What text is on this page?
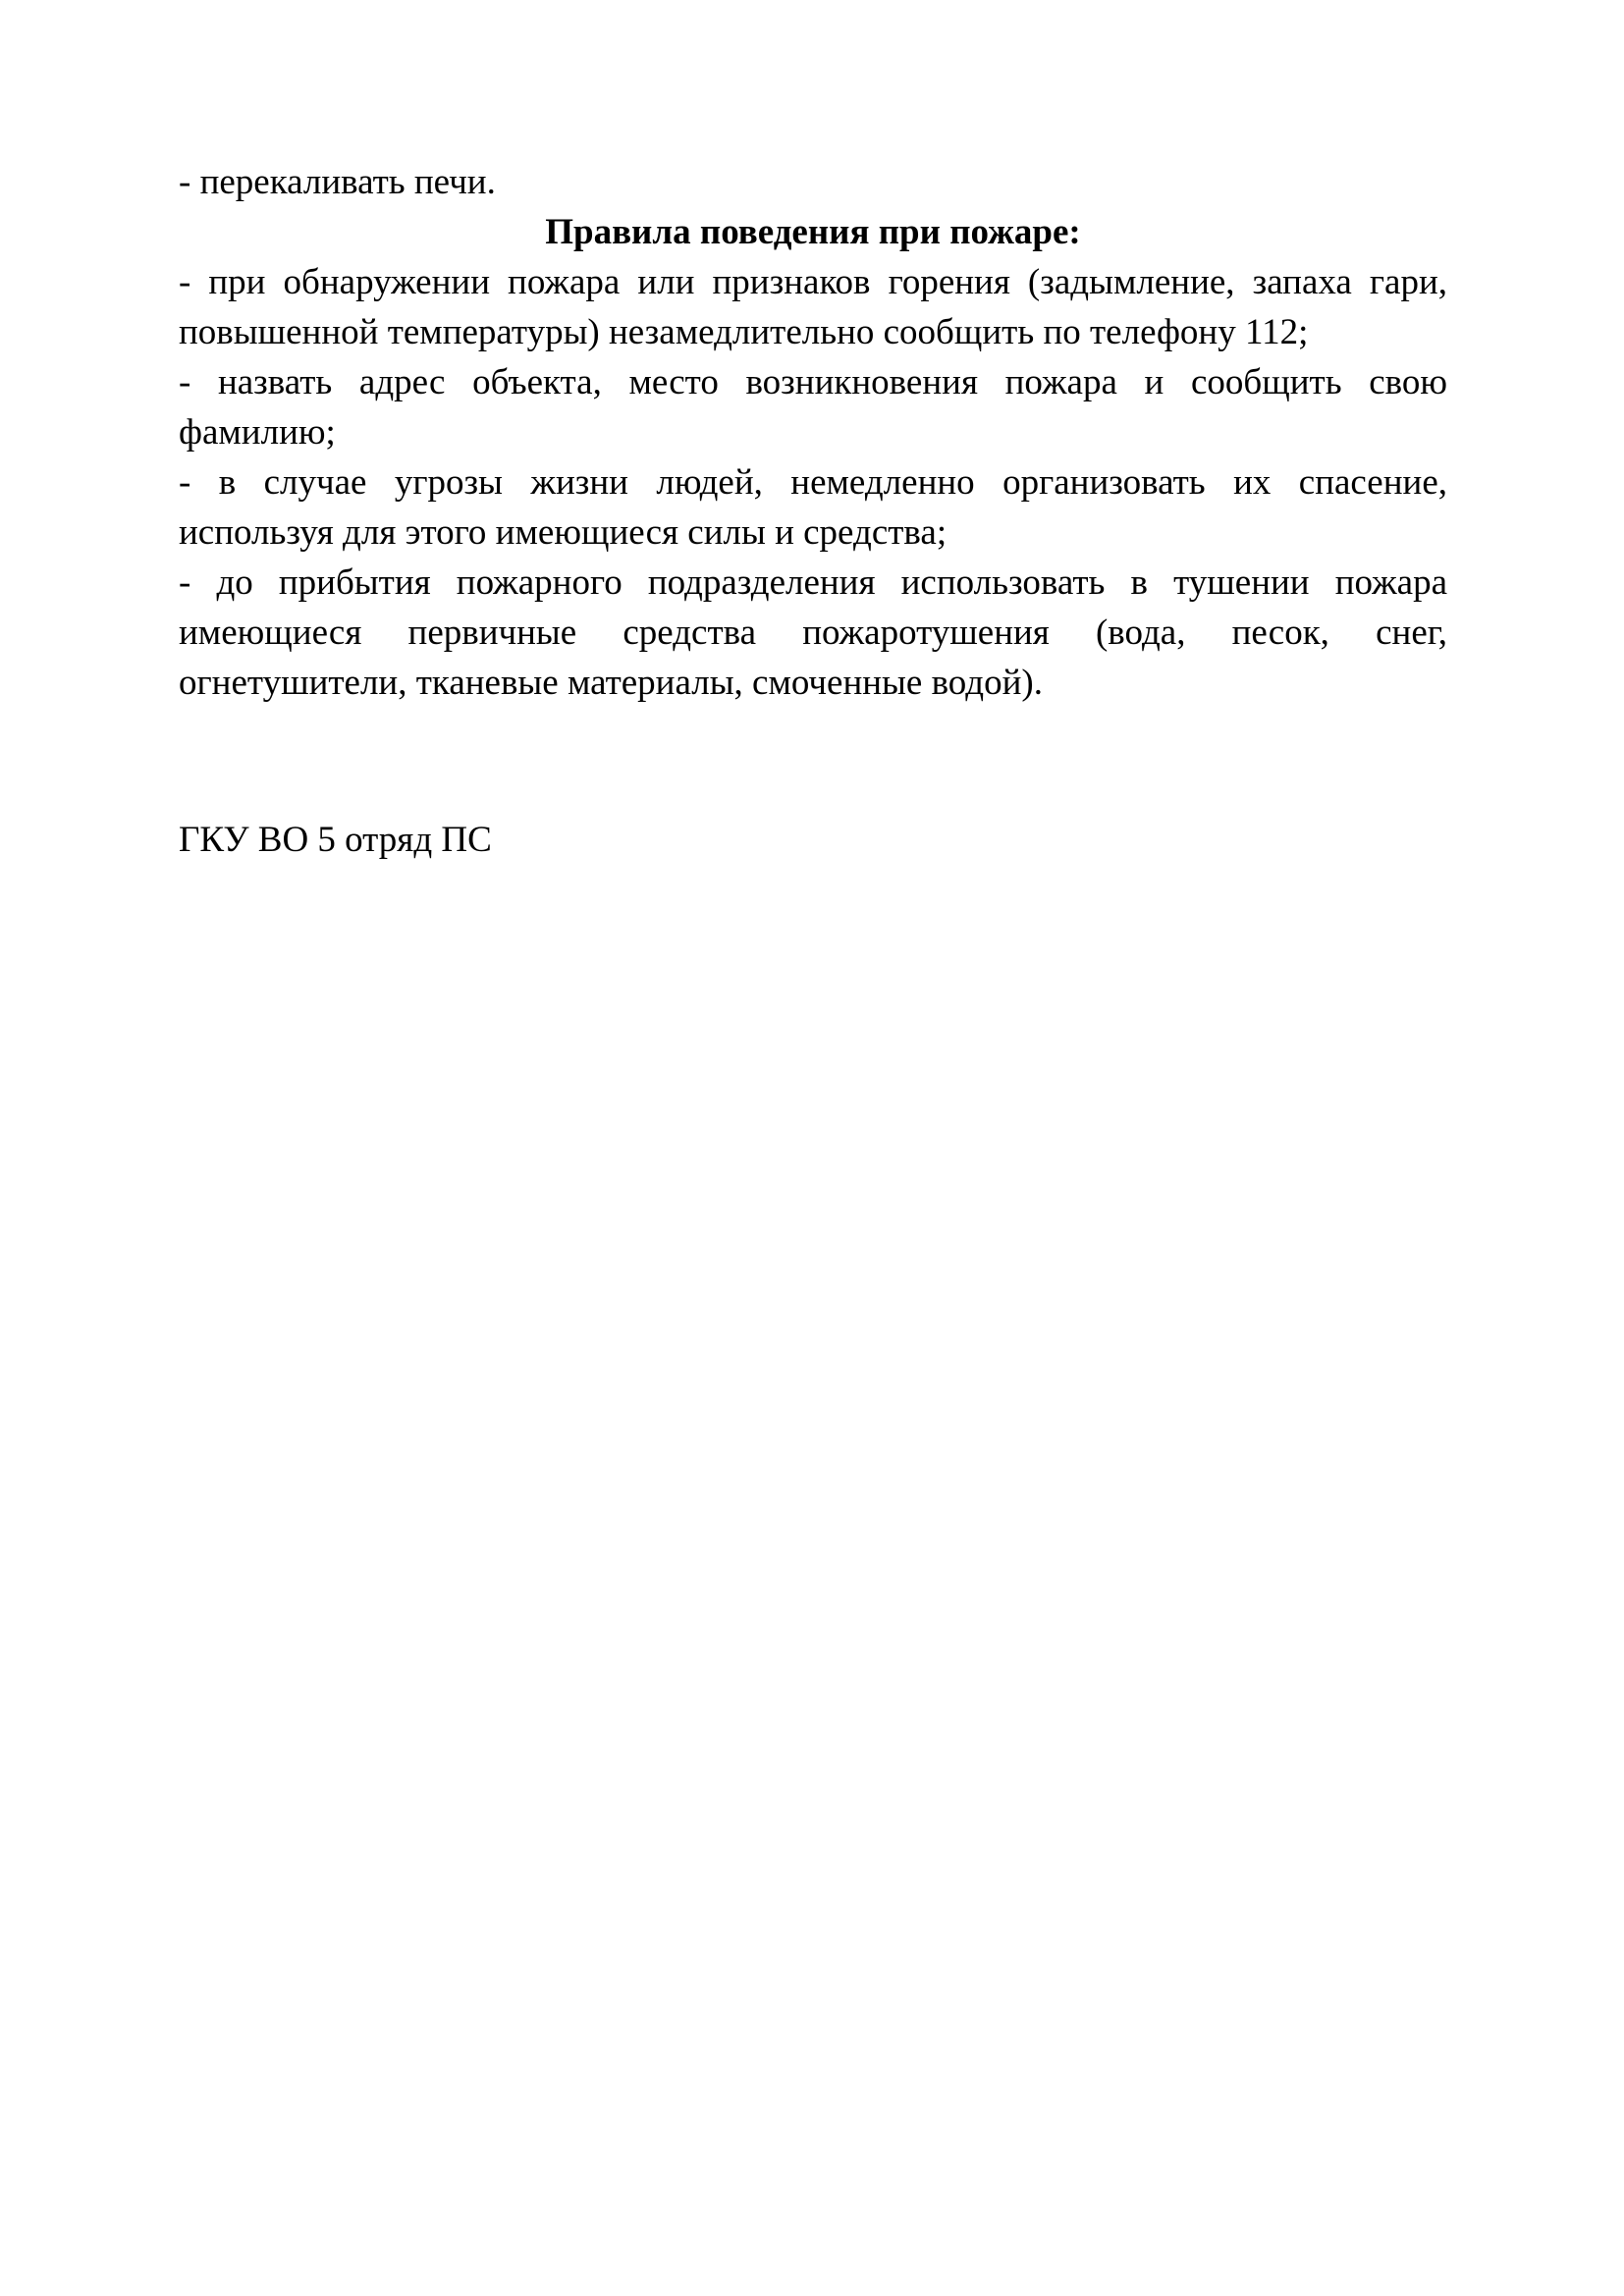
- перекаливать печи.
Правила поведения при пожаре:
- при обнаружении пожара или признаков горения (задымление, запаха гари,
повышенной температуры) незамедлительно сообщить по телефону 112;
- назвать адрес объекта, место возникновения пожара и сообщить свою
фамилию;
- в случае угрозы жизни людей, немедленно организовать их спасение,
используя для этого имеющиеся силы и средства;
- до прибытия пожарного подразделения использовать в тушении пожара
имеющиеся первичные средства пожаротушения (вода, песок, снег,
огнетушители, тканевые материалы, смоченные водой).
ГКУ ВО 5 отряд ПС
